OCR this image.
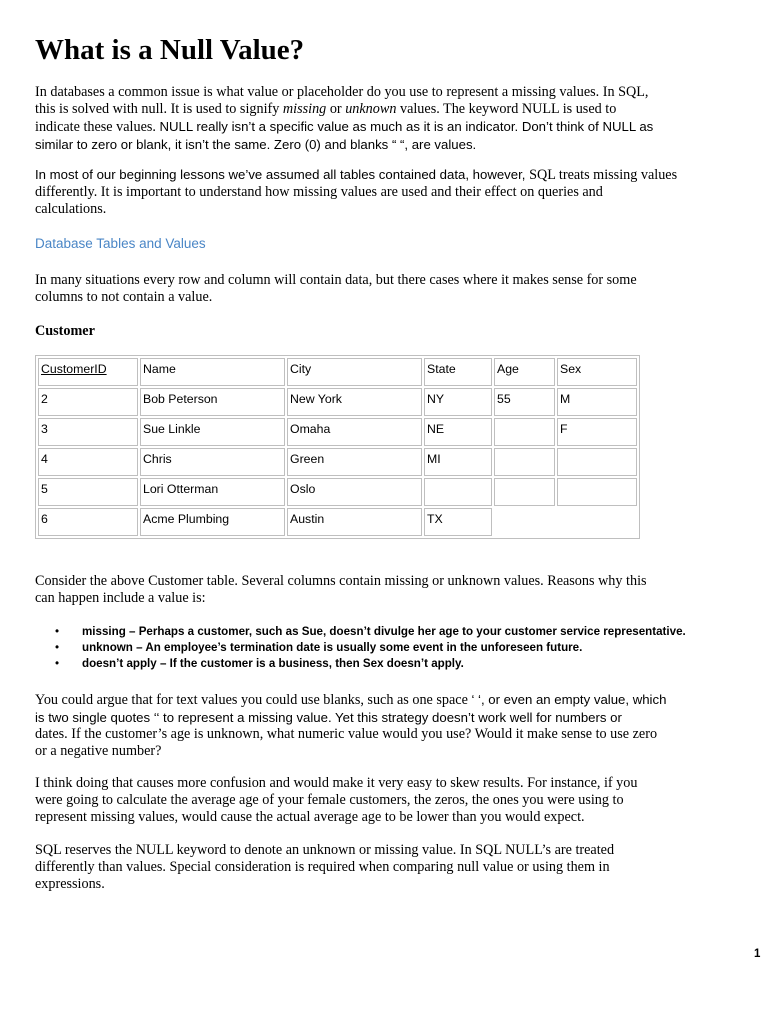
What is a Null Value?
In databases a common issue is what value or placeholder do you use to represent a missing values. In SQL,
this is solved with null. It is used to signify missing or unknown values. The keyword NULL is used to
indicate these values. NULL really isn’t a specific value as much as it is an indicator. Don’t think of NULL as
similar to zero or blank, it isn’t the same. Zero (0) and blanks “ “, are values.
In most of our beginning lessons we’ve assumed all tables contained data, however, SQL treats missing values
differently. It is important to understand how missing values are used and their effect on queries and
calculations.
Database Tables and Values
In many situations every row and column will contain data, but there cases where it makes sense for some
columns to not contain a value.
Customer
CustomerID	Name	City	State	Age	Sex
2	Bob Peterson	New York	NY	55	M
3	Sue Linkle	Omaha	NE		F
4	Chris	Green	MI		
5	Lori Otterman	Oslo			
6	Acme Plumbing	Austin	TX		
Consider the above Customer table. Several columns contain missing or unknown values. Reasons why this
can happen include a value is:
• missing – Perhaps a customer, such as Sue, doesn’t divulge her age to your customer service representative.
• unknown – An employee’s termination date is usually some event in the unforeseen future.
• doesn’t apply – If the customer is a business, then Sex doesn’t apply.
You could argue that for text values you could use blanks, such as one space ‘ ‘, or even an empty value, which
is two single quotes ‘‘ to represent a missing value. Yet this strategy doesn’t work well for numbers or
dates. If the customer’s age is unknown, what numeric value would you use? Would it make sense to use zero
or a negative number?
I think doing that causes more confusion and would make it very easy to skew results. For instance, if you
were going to calculate the average age of your female customers, the zeros, the ones you were using to
represent missing values, would cause the actual average age to be lower than you would expect.
SQL reserves the NULL keyword to denote an unknown or missing value. In SQL NULL’s are treated
differently than values. Special consideration is required when comparing null value or using them in
expressions.
1
